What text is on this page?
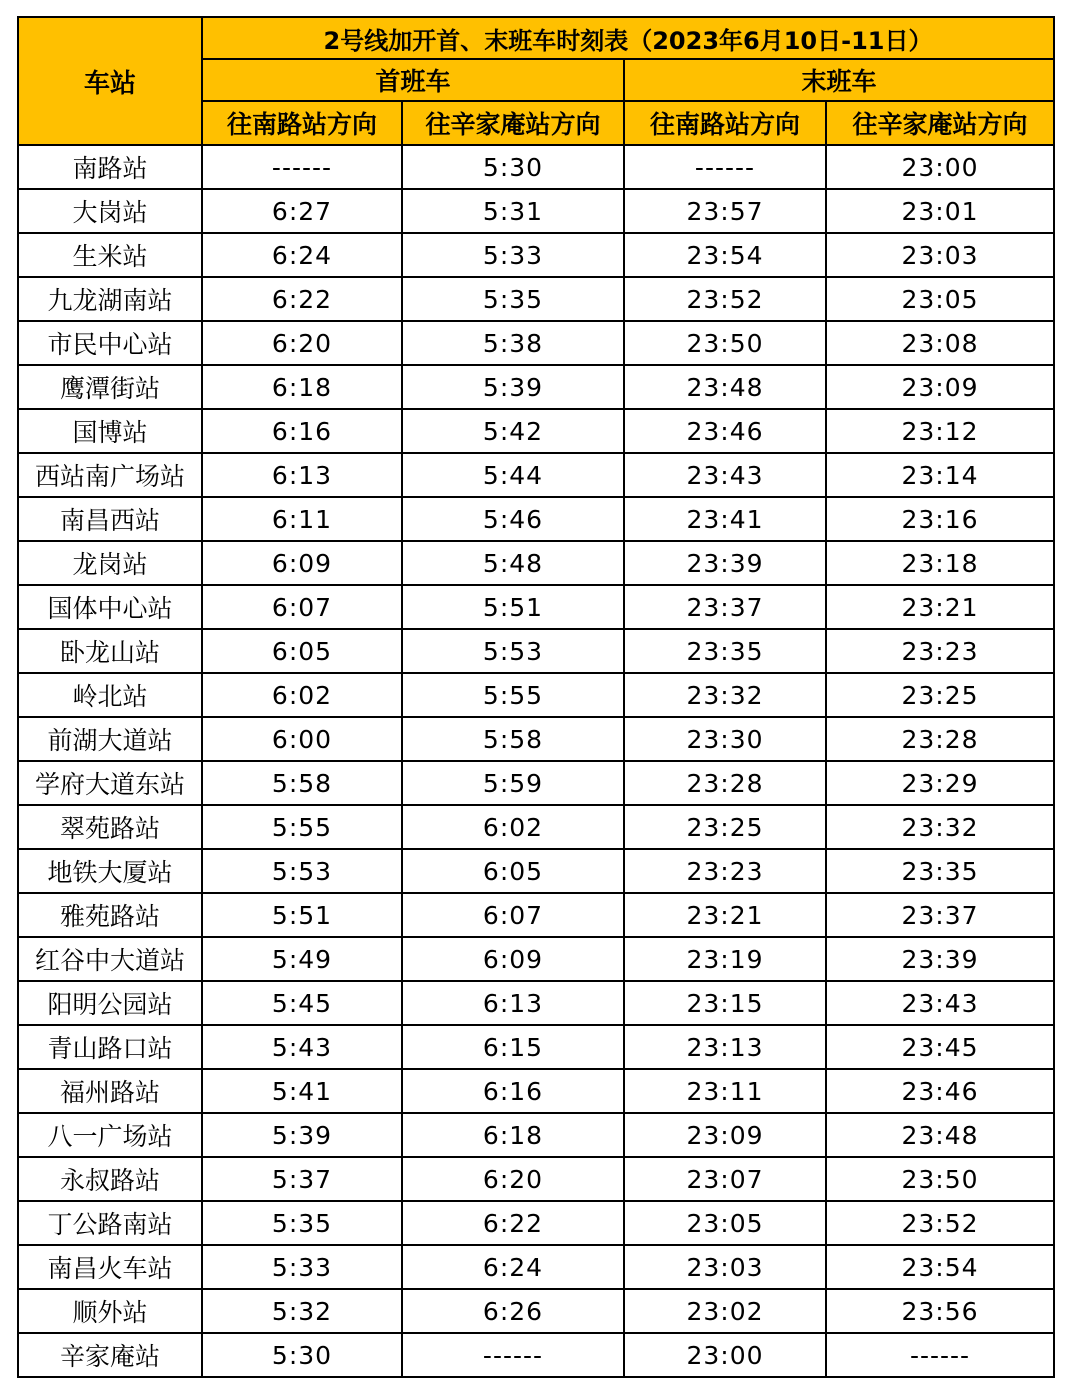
车站	2号线加开首、末班车时刻表（2023年6月10日-11日）			
	首班车		末班车	
	往南路站方向	往辛家庵站方向	往南路站方向	往辛家庵站方向
南路站	------	5:30	------	23:00
大岗站	6:27	5:31	23:57	23:01
生米站	6:24	5:33	23:54	23:03
九龙湖南站	6:22	5:35	23:52	23:05
市民中心站	6:20	5:38	23:50	23:08
鹰潭街站	6:18	5:39	23:48	23:09
国博站	6:16	5:42	23:46	23:12
西站南广场站	6:13	5:44	23:43	23:14
南昌西站	6:11	5:46	23:41	23:16
龙岗站	6:09	5:48	23:39	23:18
国体中心站	6:07	5:51	23:37	23:21
卧龙山站	6:05	5:53	23:35	23:23
岭北站	6:02	5:55	23:32	23:25
前湖大道站	6:00	5:58	23:30	23:28
学府大道东站	5:58	5:59	23:28	23:29
翠苑路站	5:55	6:02	23:25	23:32
地铁大厦站	5:53	6:05	23:23	23:35
雅苑路站	5:51	6:07	23:21	23:37
红谷中大道站	5:49	6:09	23:19	23:39
阳明公园站	5:45	6:13	23:15	23:43
青山路口站	5:43	6:15	23:13	23:45
福州路站	5:41	6:16	23:11	23:46
八一广场站	5:39	6:18	23:09	23:48
永叔路站	5:37	6:20	23:07	23:50
丁公路南站	5:35	6:22	23:05	23:52
南昌火车站	5:33	6:24	23:03	23:54
顺外站	5:32	6:26	23:02	23:56
辛家庵站	5:30	------	23:00	------
